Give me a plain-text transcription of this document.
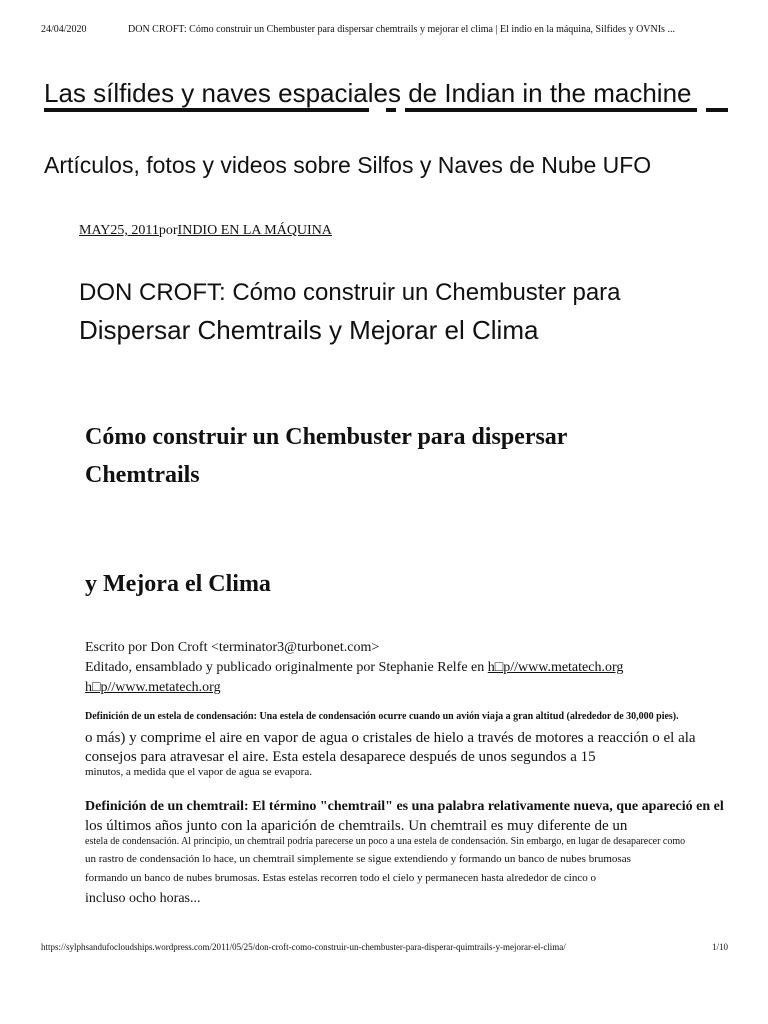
24/04/2020	DON CROFT: Cómo construir un Chembuster para dispersar chemtrails y mejorar el clima | El indio en la máquina, Silfides y OVNIs ...
Las sílfides y naves espaciales de Indian in the machine
Artículos, fotos y videos sobre Silfos y Naves de Nube UFO
MAY25, 2011porINDIO EN LA MÁQUINA
DON CROFT: Cómo construir un Chembuster para
Dispersar Chemtrails y Mejorar el Clima
Cómo construir un Chembuster para dispersar
Chemtrails
y Mejora el Clima
Escrito por Don Croft <terminator3@turbonet.com>
Editado, ensamblado y publicado originalmente por Stephanie Relfe en h□p//www.metatech.org
h□p//www.metatech.org
Definición de un estela de condensación: Una estela de condensación ocurre cuando un avión viaja a gran altitud (alrededor de 30,000 pies).
o más) y comprime el aire en vapor de agua o cristales de hielo a través de motores a reacción o el ala
consejos para atravesar el aire. Esta estela desaparece después de unos segundos a 15
minutos, a medida que el vapor de agua se evapora.
Definición de un chemtrail: El término "chemtrail" es una palabra relativamente nueva, que apareció en el
los últimos años junto con la aparición de chemtrails. Un chemtrail es muy diferente de un
estela de condensación. Al principio, un chemtrail podría parecerse un poco a una estela de condensación. Sin embargo, en lugar de desaparecer como
un rastro de condensación lo hace, un chemtrail simplemente se sigue extendiendo y formando un banco de nubes brumosas
formando un banco de nubes brumosas. Estas estelas recorren todo el cielo y permanecen hasta alrededor de cinco o
incluso ocho horas...
https://sylphsandufocloudships.wordpress.com/2011/05/25/don-croft-como-construir-un-chembuster-para-disperar-quimtrails-y-mejorar-el-clima/	1/10
